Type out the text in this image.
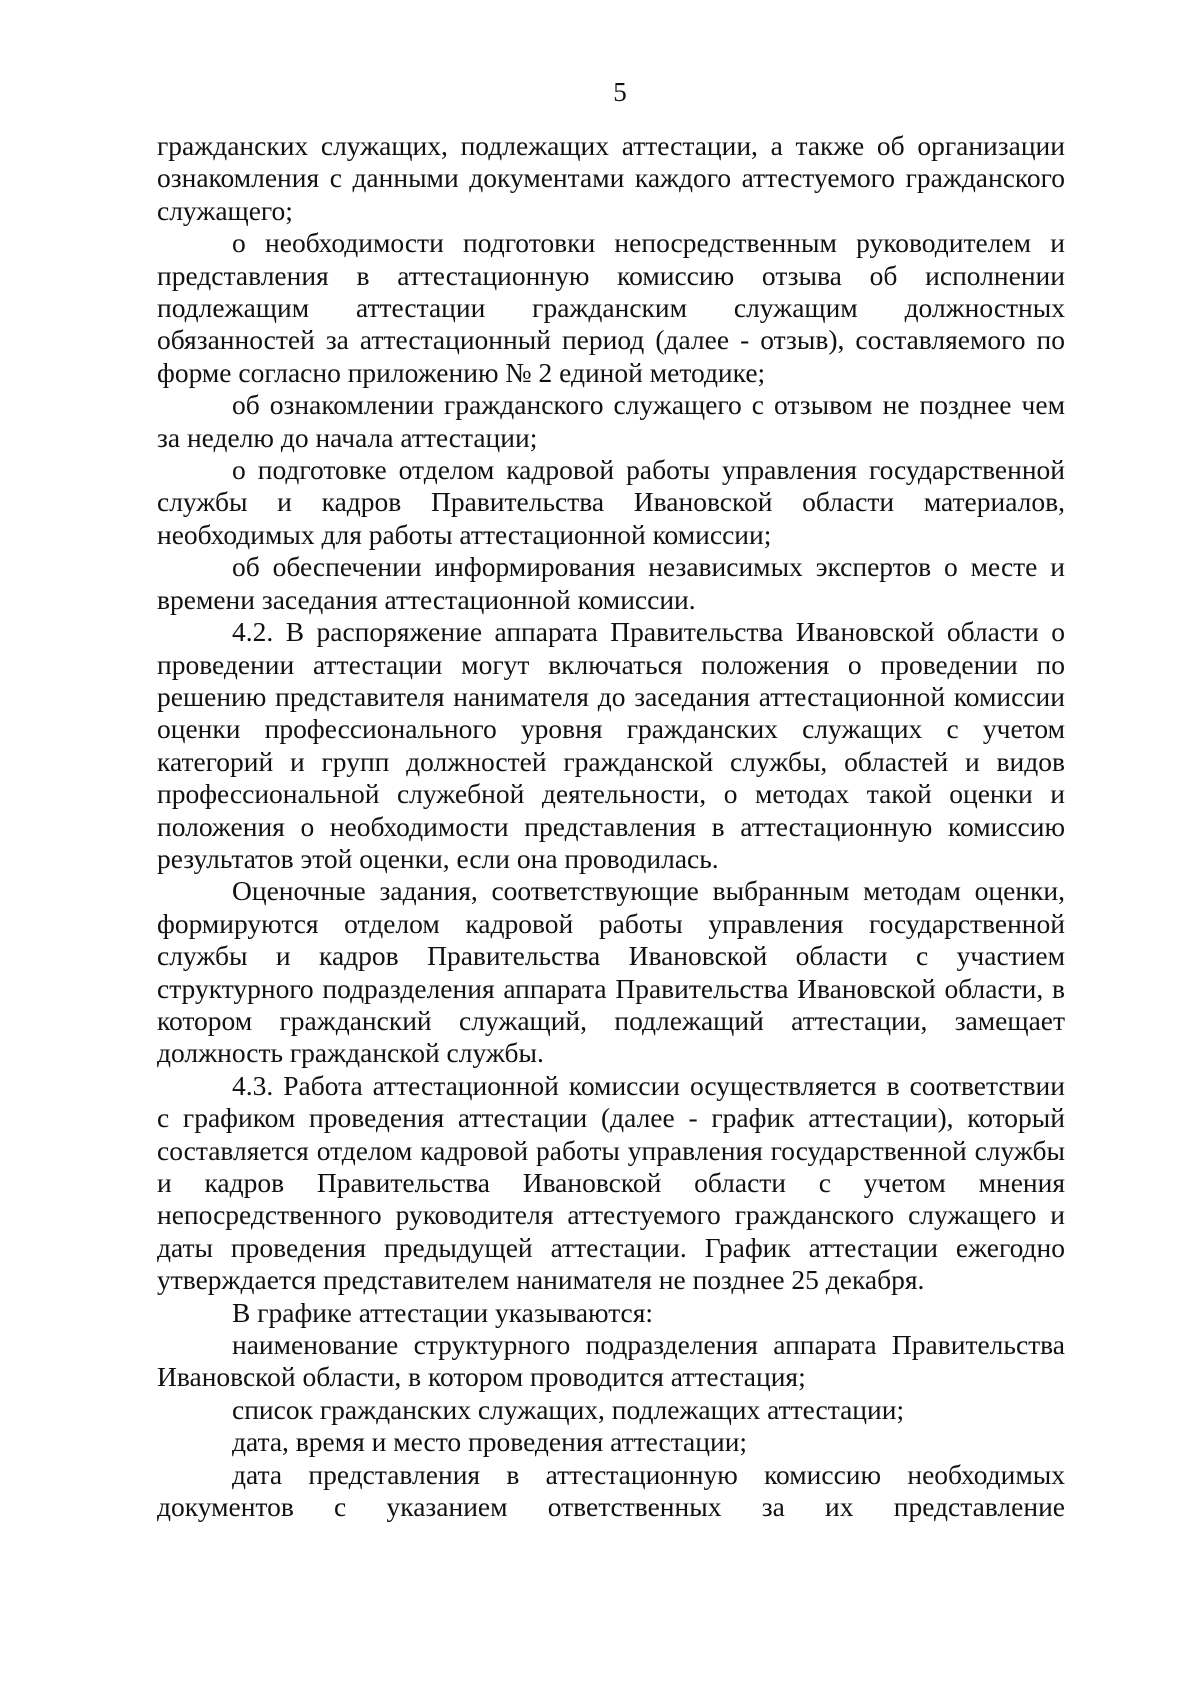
5

гражданских служащих, подлежащих аттестации, а также об организации ознакомления с данными документами каждого аттестуемого гражданского служащего;

о необходимости подготовки непосредственным руководителем и представления в аттестационную комиссию отзыва об исполнении подлежащим аттестации гражданским служащим должностных обязанностей за аттестационный период (далее - отзыв), составляемого по форме согласно приложению № 2 единой методике;

об ознакомлении гражданского служащего с отзывом не позднее чем за неделю до начала аттестации;

о подготовке отделом кадровой работы управления государственной службы и кадров Правительства Ивановской области материалов, необходимых для работы аттестационной комиссии;

об обеспечении информирования независимых экспертов о месте и времени заседания аттестационной комиссии.

4.2. В распоряжение аппарата Правительства Ивановской области о проведении аттестации могут включаться положения о проведении по решению представителя нанимателя до заседания аттестационной комиссии оценки профессионального уровня гражданских служащих с учетом категорий и групп должностей гражданской службы, областей и видов профессиональной служебной деятельности, о методах такой оценки и положения о необходимости представления в аттестационную комиссию результатов этой оценки, если она проводилась.

Оценочные задания, соответствующие выбранным методам оценки, формируются отделом кадровой работы управления государственной службы и кадров Правительства Ивановской области с участием структурного подразделения аппарата Правительства Ивановской области, в котором гражданский служащий, подлежащий аттестации, замещает должность гражданской службы.

4.3. Работа аттестационной комиссии осуществляется в соответствии с графиком проведения аттестации (далее - график аттестации), который составляется отделом кадровой работы управления государственной службы и кадров Правительства Ивановской области с учетом мнения непосредственного руководителя аттестуемого гражданского служащего и даты проведения предыдущей аттестации. График аттестации ежегодно утверждается представителем нанимателя не позднее 25 декабря.

В графике аттестации указываются:

наименование структурного подразделения аппарата Правительства Ивановской области, в котором проводится аттестация;

список гражданских служащих, подлежащих аттестации;

дата, время и место проведения аттестации;

дата представления в аттестационную комиссию необходимых документов с указанием ответственных за их представление
